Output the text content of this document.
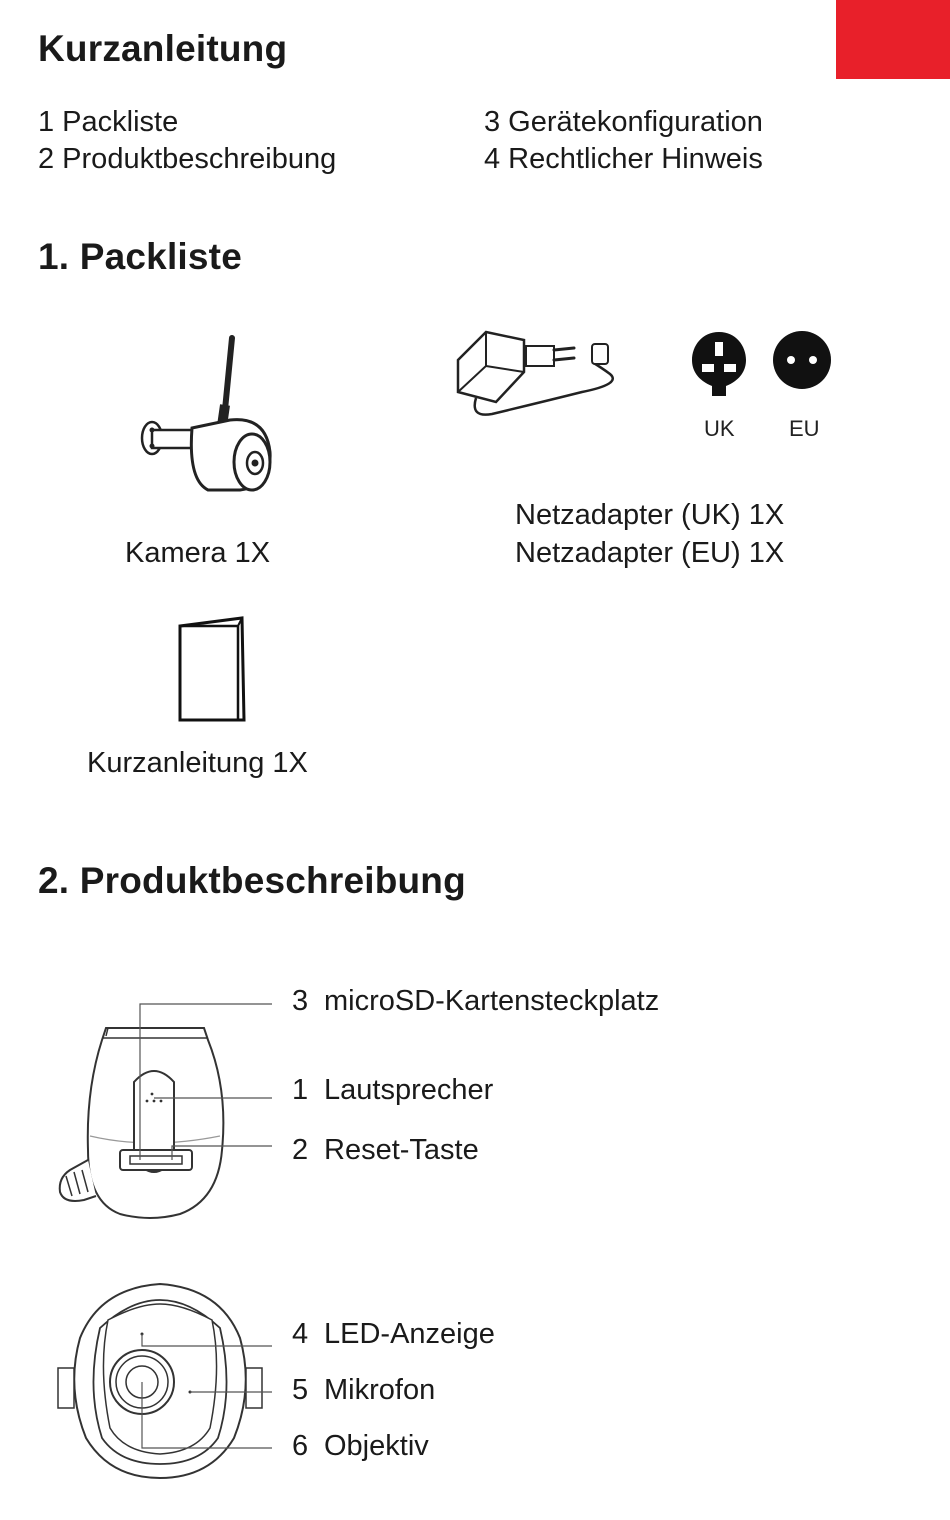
Kurzanleitung
1 Packliste
2 Produktbeschreibung
3 Gerätekonfiguration
4 Rechtlicher Hinweis
1. Packliste
Kamera 1X
UK EU
Netzadapter (UK) 1X
Netzadapter (EU) 1X
Kurzanleitung 1X
2. Produktbeschreibung
3 microSD-Kartensteckplatz
1 Lautsprecher
2 Reset-Taste
4 LED-Anzeige
5 Mikrofon
6 Objektiv
